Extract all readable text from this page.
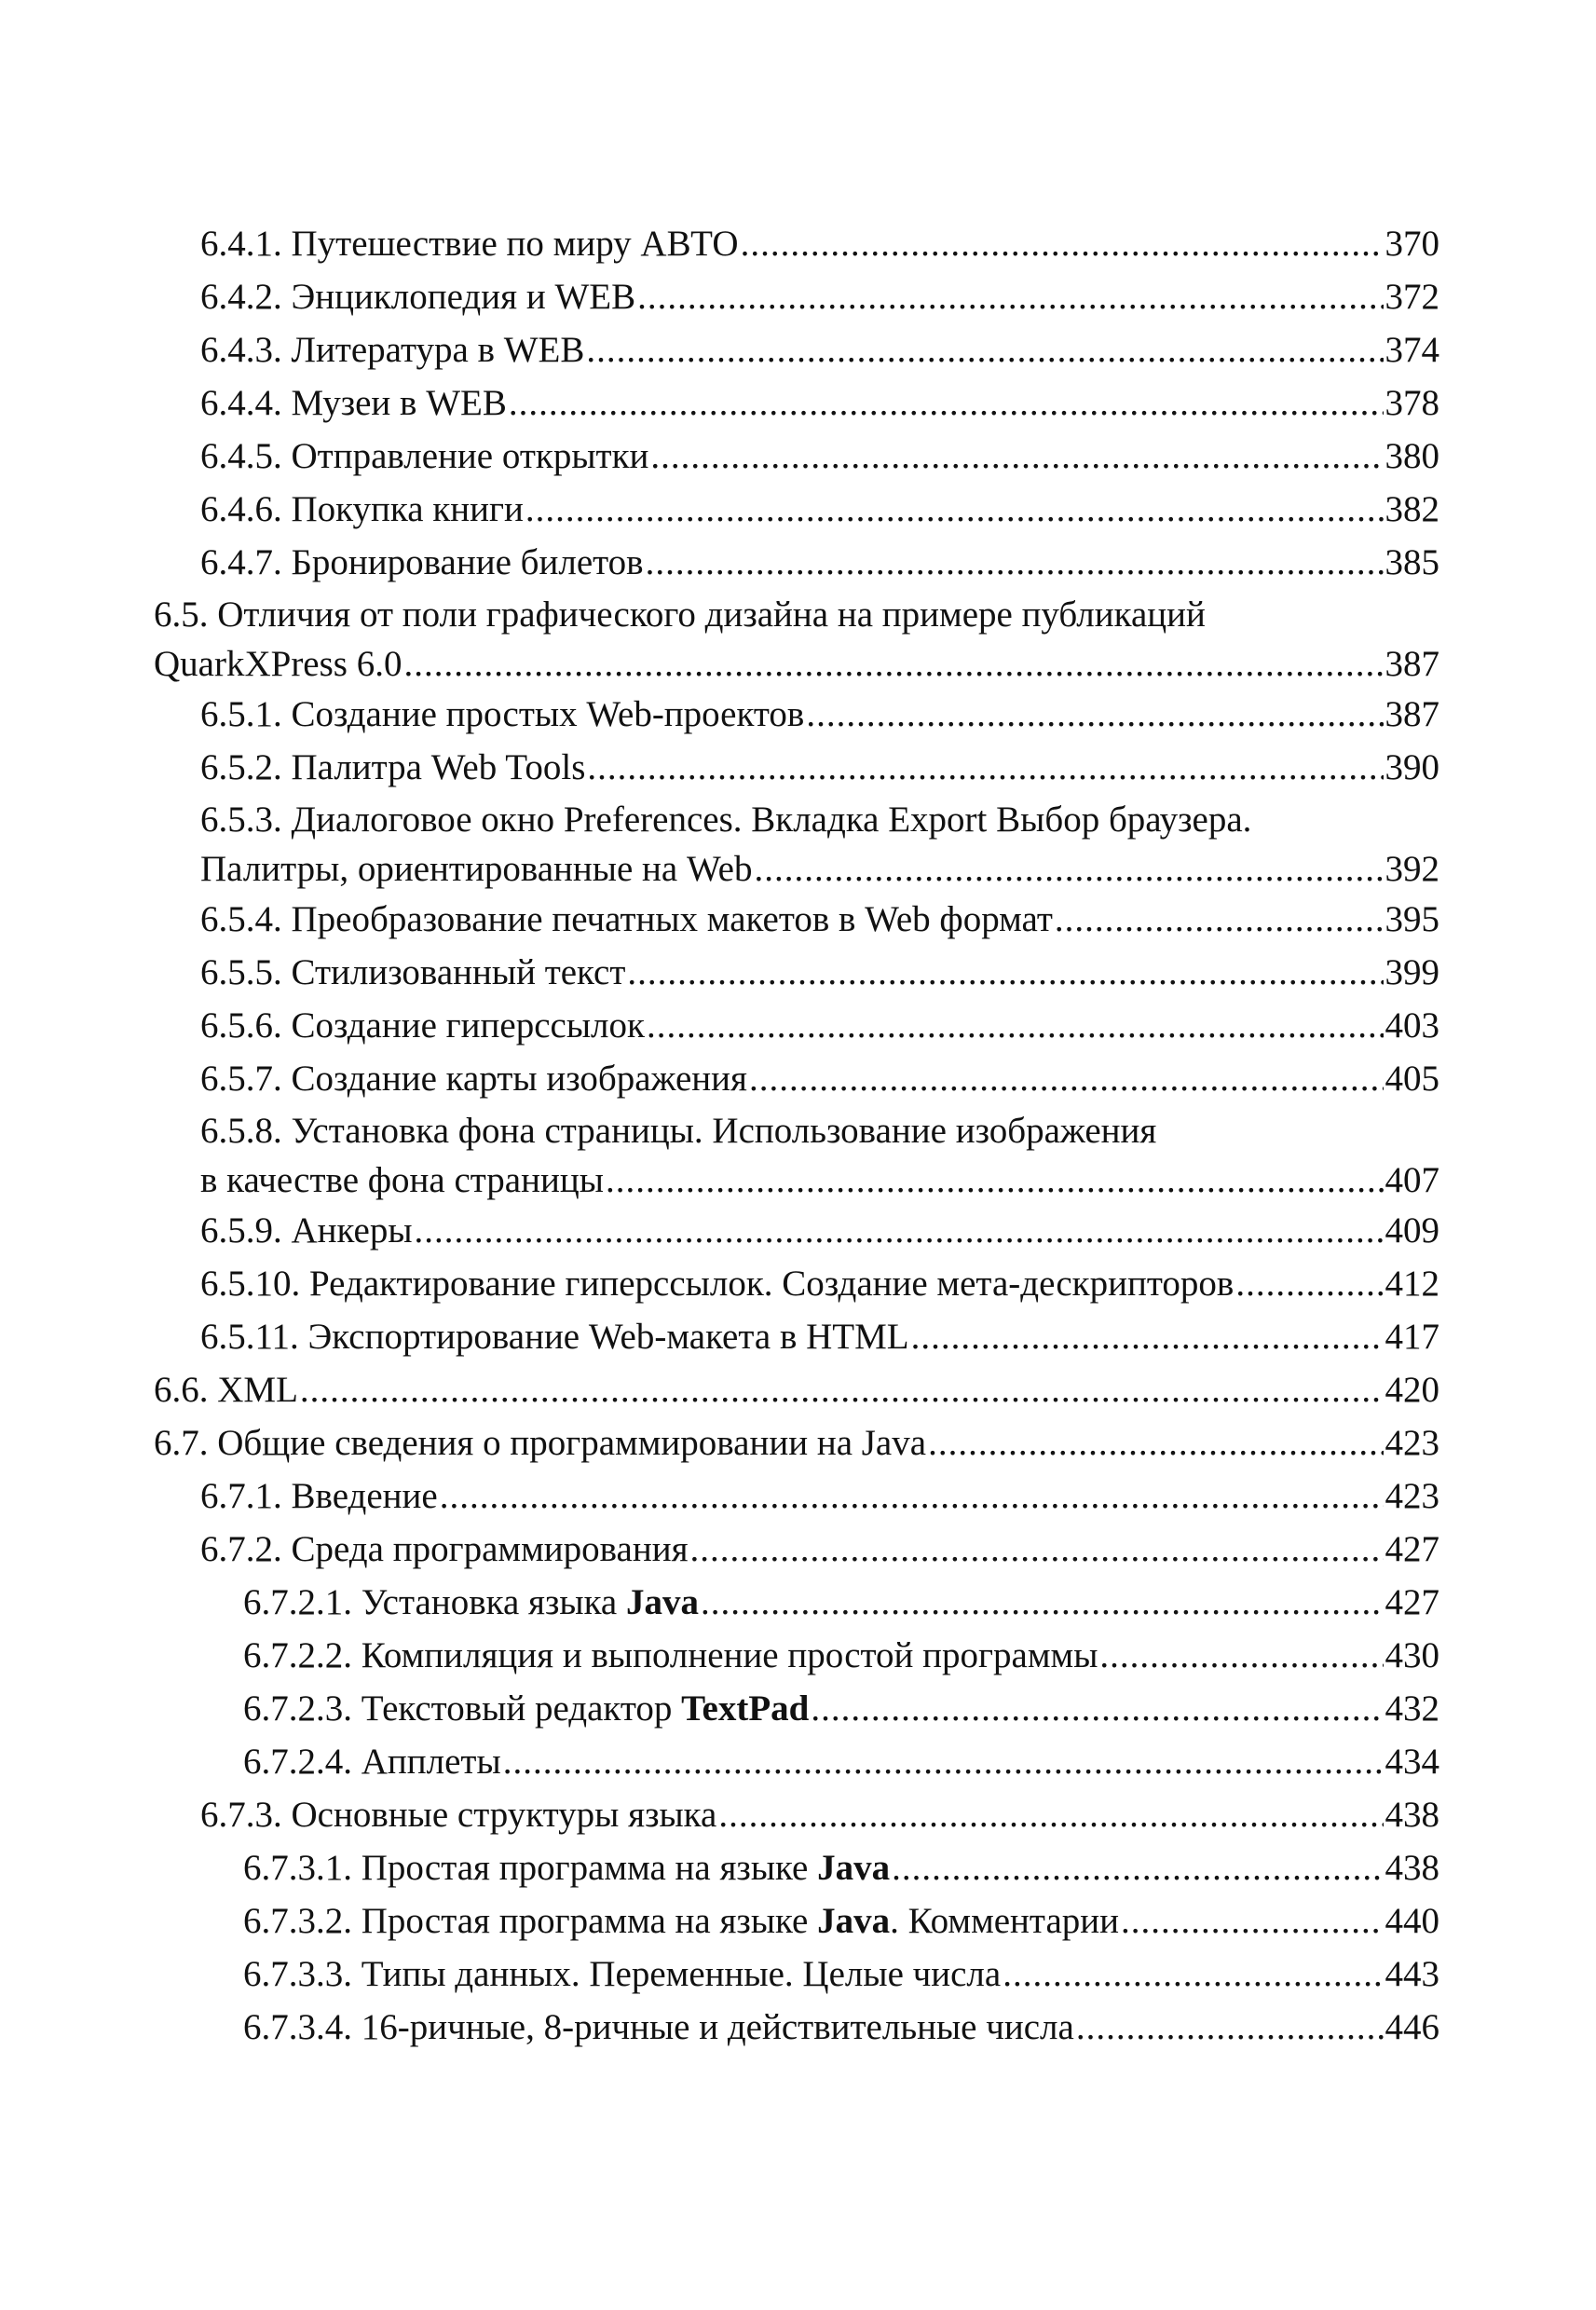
6.4.1. Путешествие по миру АВТО .....	370
6.4.2. Энциклопедия и WEB .....	372
6.4.3. Литература в WEB .....	374
6.4.4. Музеи в WEB .....	378
6.4.5. Отправление открытки .....	380
6.4.6. Покупка книги .....	382
6.4.7. Бронирование билетов .....	385
6.5. Отличия от поли графического дизайна на примере публикаций
QuarkXPress 6.0 .....	387
6.5.1. Создание простых Web-проектов .....	387
6.5.2. Палитра Web Tools .....	390
6.5.3. Диалоговое окно Preferences. Вкладка Export Выбор браузера.
Палитры, ориентированные на Web .....	392
6.5.4. Преобразование печатных макетов в Web формат .....	395
6.5.5. Стилизованный текст .....	399
6.5.6. Создание гиперссылок .....	403
6.5.7. Создание карты изображения .....	405
6.5.8. Установка фона страницы. Использование изображения
в качестве фона страницы .....	407
6.5.9. Анкеры .....	409
6.5.10. Редактирование гиперссылок. Создание мета-дескрипторов .....	412
6.5.11. Экспортирование Web-макета в HTML .....	417
6.6. XML .....	420
6.7. Общие сведения о программировании на Java .....	423
6.7.1. Введение .....	423
6.7.2. Среда программирования .....	427
6.7.2.1. Установка языка Java .....	427
6.7.2.2. Компиляция и выполнение простой программы .....	430
6.7.2.3. Текстовый редактор TextPad .....	432
6.7.2.4. Апплеты .....	434
6.7.3. Основные структуры языка .....	438
6.7.3.1. Простая программа на языке Java .....	438
6.7.3.2. Простая программа на языке Java. Комментарии .....	440
6.7.3.3. Типы данных. Переменные. Целые числа .....	443
6.7.3.4. 16-ричные, 8-ричные и действительные числа .....	446
